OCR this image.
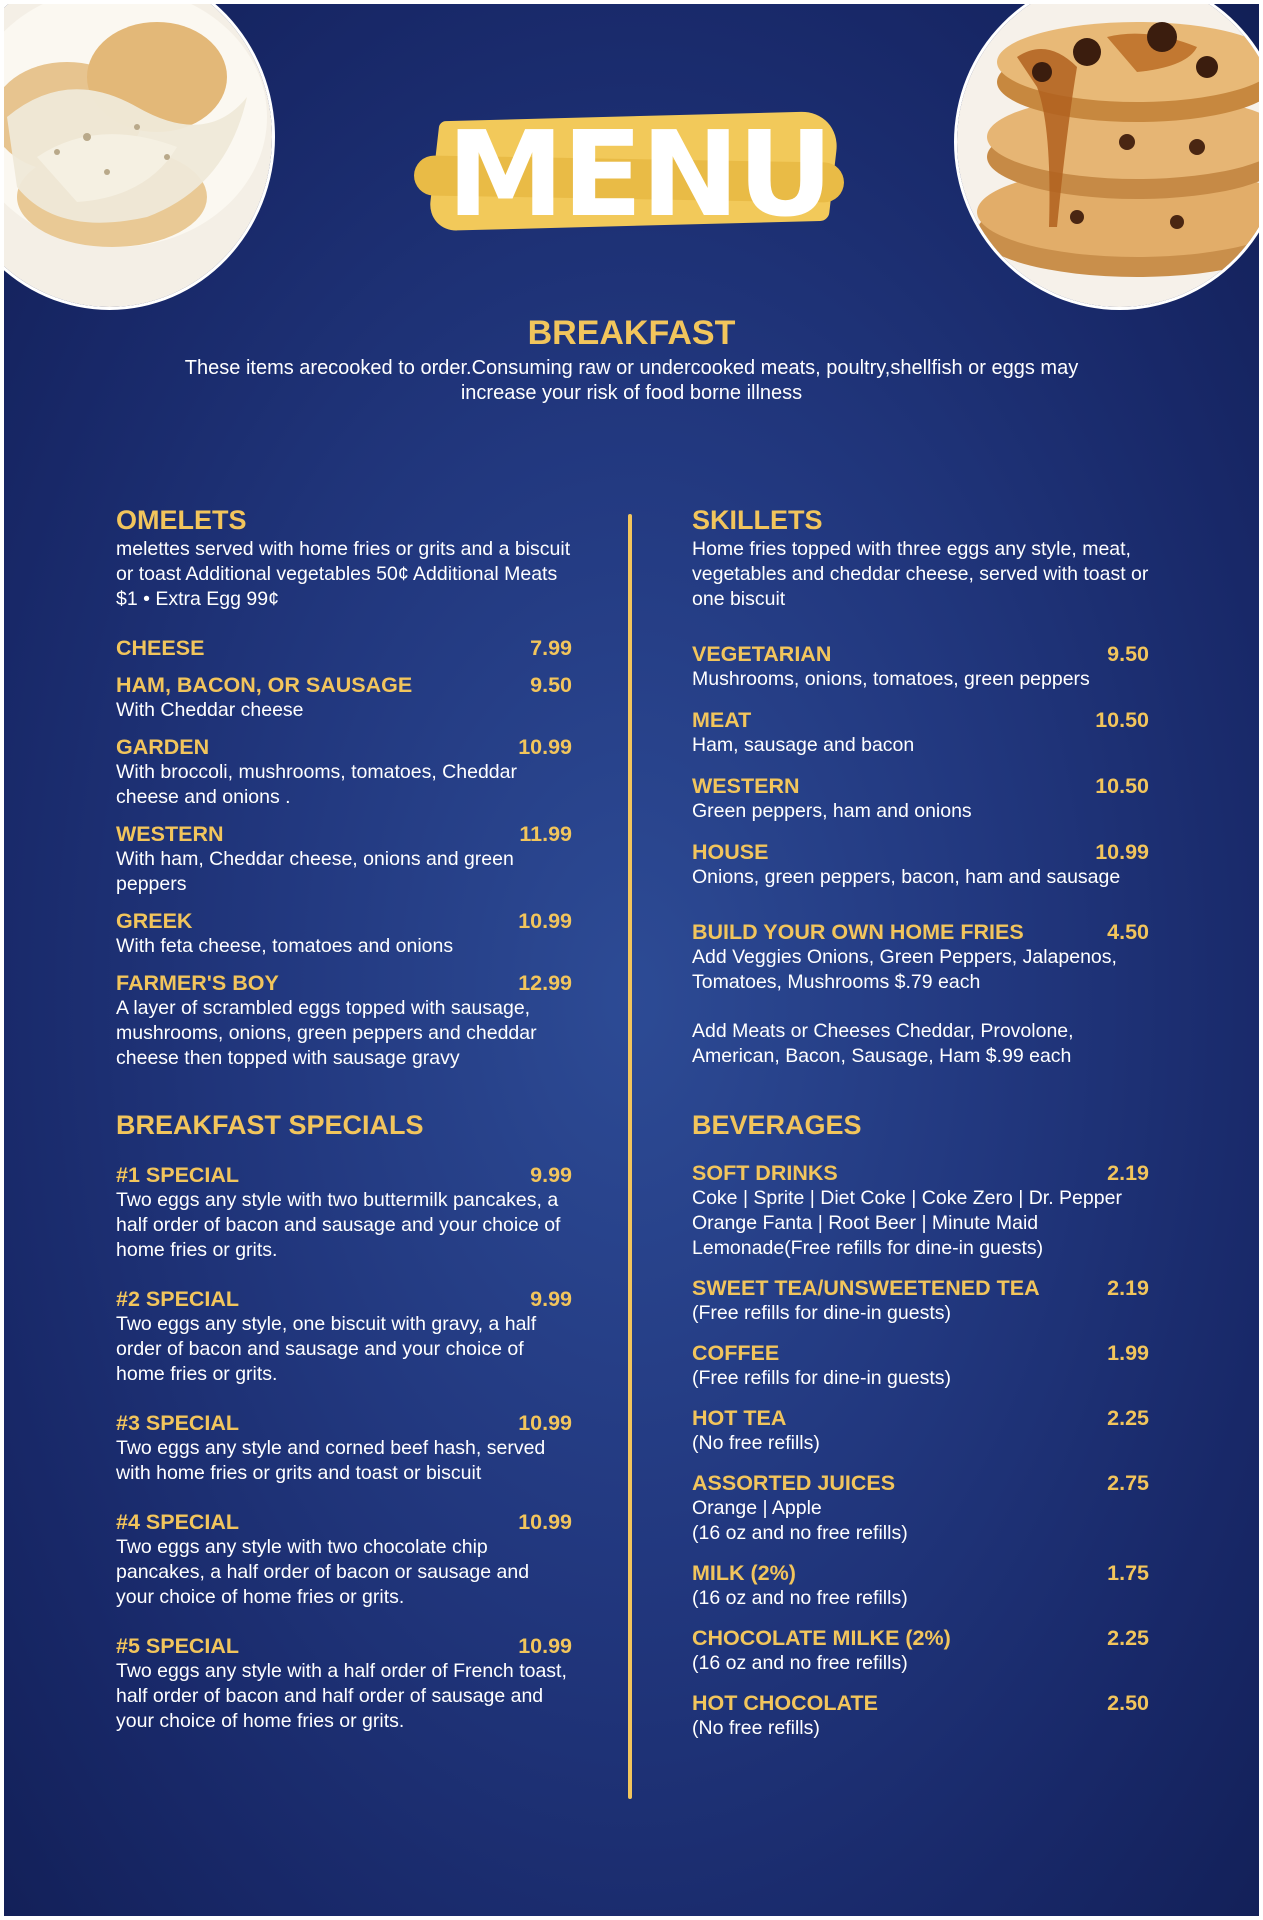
MENU
BREAKFAST
These items arecooked to order.Consuming raw or undercooked meats, poultry,shellfish or eggs may increase your risk of food borne illness
OMELETS
melettes served with home fries or grits and a biscuit or toast Additional vegetables 50¢ Additional Meats $1 • Extra Egg 99¢
CHEESE	7.99
HAM, BACON, OR SAUSAGE	9.50
With Cheddar cheese
GARDEN	10.99
With broccoli, mushrooms, tomatoes, Cheddar cheese and onions .
WESTERN	11.99
With ham, Cheddar cheese, onions and green peppers
GREEK	10.99
With feta cheese, tomatoes and onions
FARMER'S BOY	12.99
A layer of scrambled eggs topped with sausage, mushrooms, onions, green peppers and cheddar cheese then topped with sausage gravy
BREAKFAST SPECIALS
#1 SPECIAL	9.99
Two eggs any style with two buttermilk pancakes, a half order of bacon and sausage and your choice of home fries or grits.
#2 SPECIAL	9.99
Two eggs any style, one biscuit with gravy, a half order of bacon and sausage and your choice of home fries or grits.
#3 SPECIAL	10.99
Two eggs any style and corned beef hash, served with home fries or grits and toast or biscuit
#4 SPECIAL	10.99
Two eggs any style with two chocolate chip pancakes, a half order of bacon or sausage and your choice of home fries or grits.
#5 SPECIAL	10.99
Two eggs any style with a half order of French toast, half order of bacon and half order of sausage and your choice of home fries or grits.
SKILLETS
Home fries topped with three eggs any style, meat, vegetables and cheddar cheese, served with toast or one biscuit
VEGETARIAN	9.50
Mushrooms, onions, tomatoes, green peppers
MEAT	10.50
Ham, sausage and bacon
WESTERN	10.50
Green peppers, ham and onions
HOUSE	10.99
Onions, green peppers, bacon, ham and sausage
BUILD YOUR OWN HOME FRIES	4.50
Add Veggies Onions, Green Peppers, Jalapenos, Tomatoes, Mushrooms $.79 each
Add Meats or Cheeses Cheddar, Provolone, American, Bacon, Sausage, Ham $.99 each
BEVERAGES
SOFT DRINKS	2.19
Coke | Sprite | Diet Coke | Coke Zero | Dr. Pepper Orange Fanta | Root Beer | Minute Maid Lemonade(Free refills for dine-in guests)
SWEET TEA/UNSWEETENED TEA	2.19
(Free refills for dine-in guests)
COFFEE	1.99
(Free refills for dine-in guests)
HOT TEA	2.25
(No free refills)
ASSORTED JUICES	2.75
Orange | Apple
(16 oz and no free refills)
MILK (2%)	1.75
(16 oz and no free refills)
CHOCOLATE MILKE (2%)	2.25
(16 oz and no free refills)
HOT CHOCOLATE	2.50
(No free refills)
